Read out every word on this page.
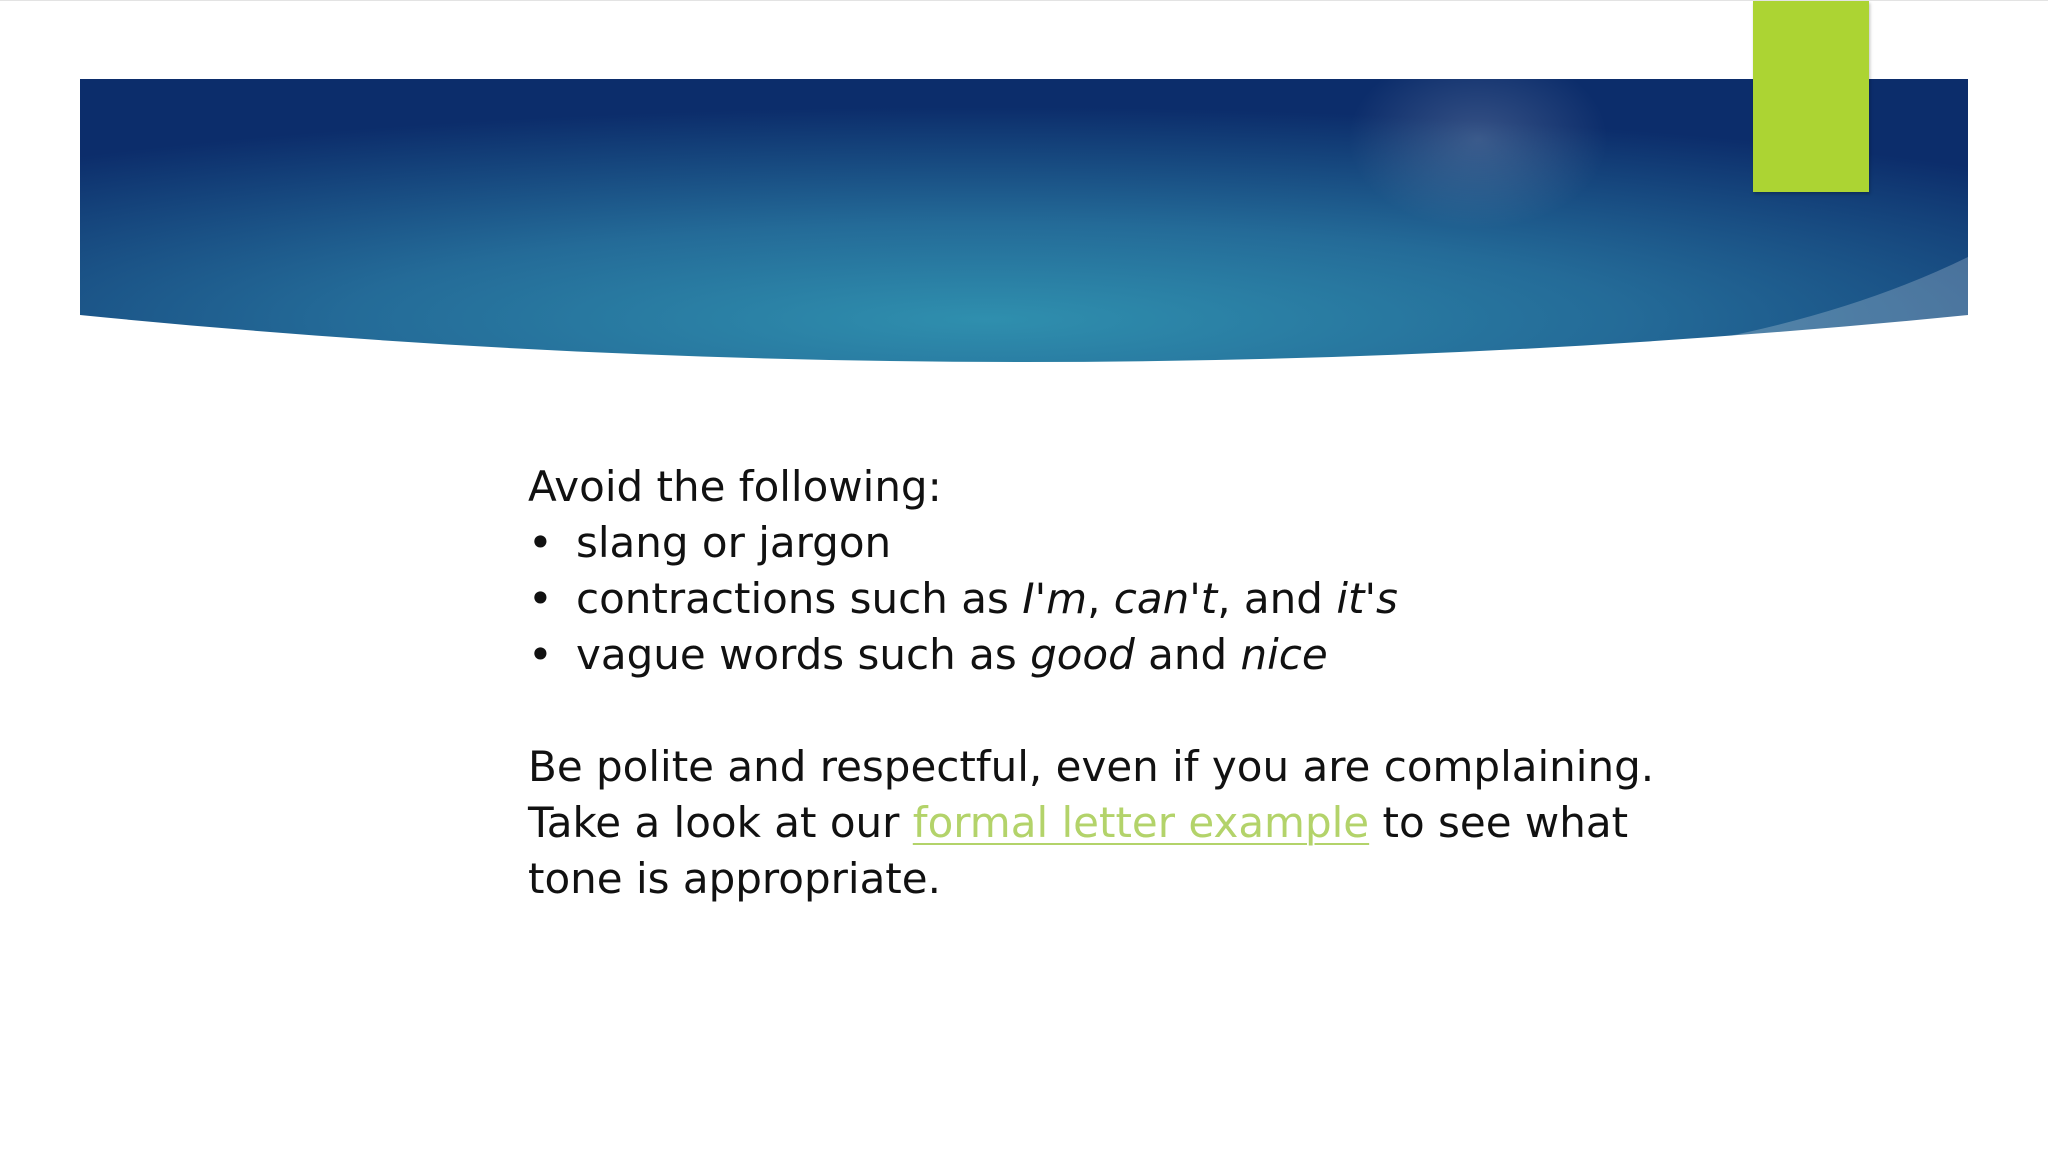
Avoid the following:

• slang or jargon
• contractions such as I'm, can't, and it's
• vague words such as good and nice

Be polite and respectful, even if you are complaining.

Take a look at our formal letter example to see what

tone is appropriate.
